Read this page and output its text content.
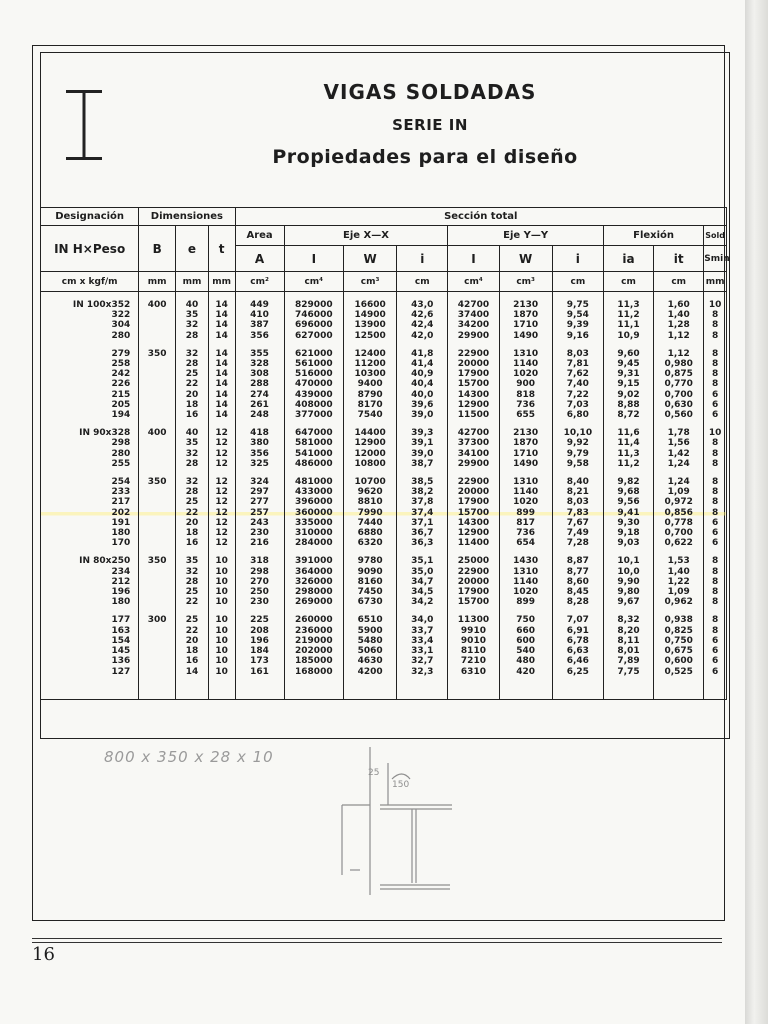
VIGAS SOLDADAS
SERIE IN
Propiedades para el diseño
Designación	Dimensiones			Sección total									
IN H×Peso	B	e	t	Area	Eje X—X			Eje Y—Y			Flexión		Sold
				A	I	W	i	I	W	i	ia	it	Smin
cm x kgf/m	mm	mm	mm	cm²	cm⁴	cm³	cm	cm⁴	cm³	cm	cm	cm	mm

IN 100x352	400	40	14	449	829000	16600	43,0	42700	2130	9,75	11,3	1,60	10
322		35	14	410	746000	14900	42,6	37400	1870	9,54	11,2	1,40	8
304		32	14	387	696000	13900	42,4	34200	1710	9,39	11,1	1,28	8
280		28	14	356	627000	12500	42,0	29900	1490	9,16	10,9	1,12	8

279	350	32	14	355	621000	12400	41,8	22900	1310	8,03	9,60	1,12	8
258		28	14	328	561000	11200	41,4	20000	1140	7,81	9,45	0,980	8
242		25	14	308	516000	10300	40,9	17900	1020	7,62	9,31	0,875	8
226		22	14	288	470000	9400	40,4	15700	900	7,40	9,15	0,770	8
215		20	14	274	439000	8790	40,0	14300	818	7,22	9,02	0,700	6
205		18	14	261	408000	8170	39,6	12900	736	7,03	8,88	0,630	6
194		16	14	248	377000	7540	39,0	11500	655	6,80	8,72	0,560	6

IN 90x328	400	40	12	418	647000	14400	39,3	42700	2130	10,10	11,6	1,78	10
298		35	12	380	581000	12900	39,1	37300	1870	9,92	11,4	1,56	8
280		32	12	356	541000	12000	39,0	34100	1710	9,79	11,3	1,42	8
255		28	12	325	486000	10800	38,7	29900	1490	9,58	11,2	1,24	8

254	350	32	12	324	481000	10700	38,5	22900	1310	8,40	9,82	1,24	8
233		28	12	297	433000	9620	38,2	20000	1140	8,21	9,68	1,09	8
217		25	12	277	396000	8810	37,8	17900	1020	8,03	9,56	0,972	8
202		22	12	257	360000	7990	37,4	15700	899	7,83	9,41	0,856	8
191		20	12	243	335000	7440	37,1	14300	817	7,67	9,30	0,778	6
180		18	12	230	310000	6880	36,7	12900	736	7,49	9,18	0,700	6
170		16	12	216	284000	6320	36,3	11400	654	7,28	9,03	0,622	6

IN 80x250	350	35	10	318	391000	9780	35,1	25000	1430	8,87	10,1	1,53	8
234		32	10	298	364000	9090	35,0	22900	1310	8,77	10,0	1,40	8
212		28	10	270	326000	8160	34,7	20000	1140	8,60	9,90	1,22	8
196		25	10	250	298000	7450	34,5	17900	1020	8,45	9,80	1,09	8
180		22	10	230	269000	6730	34,2	15700	899	8,28	9,67	0,962	8

177	300	25	10	225	260000	6510	34,0	11300	750	7,07	8,32	0,938	8
163		22	10	208	236000	5900	33,7	9910	660	6,91	8,20	0,825	8
154		20	10	196	219000	5480	33,4	9010	600	6,78	8,11	0,750	6
145		18	10	184	202000	5060	33,1	8110	540	6,63	8,01	0,675	6
136		16	10	173	185000	4630	32,7	7210	480	6,46	7,89	0,600	6
127		14	10	161	168000	4200	32,3	6310	420	6,25	7,75	0,525	6

800 x 350 x 28 x 10
25
150
16
